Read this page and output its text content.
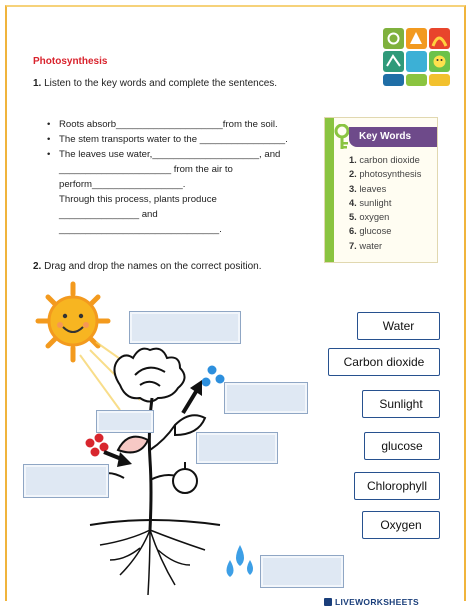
Photosynthesis
1. Listen to the key words and complete the sentences.
• Roots absorb____________________from the soil.
• The stem transports water to the ________________.
• The leaves use water,____________________, and
_____________________ from the air to
perform_________________.
Through this process, plants produce
_______________ and
______________________________.
Key Words
1. carbon dioxide
2. photosynthesis
3. leaves
4. sunlight
5. oxygen
6. glucose
7. water
2. Drag and drop the names on the correct position.
Water
Carbon dioxide
Sunlight
glucose
Chlorophyll
Oxygen
LIVEWORKSHEETS
